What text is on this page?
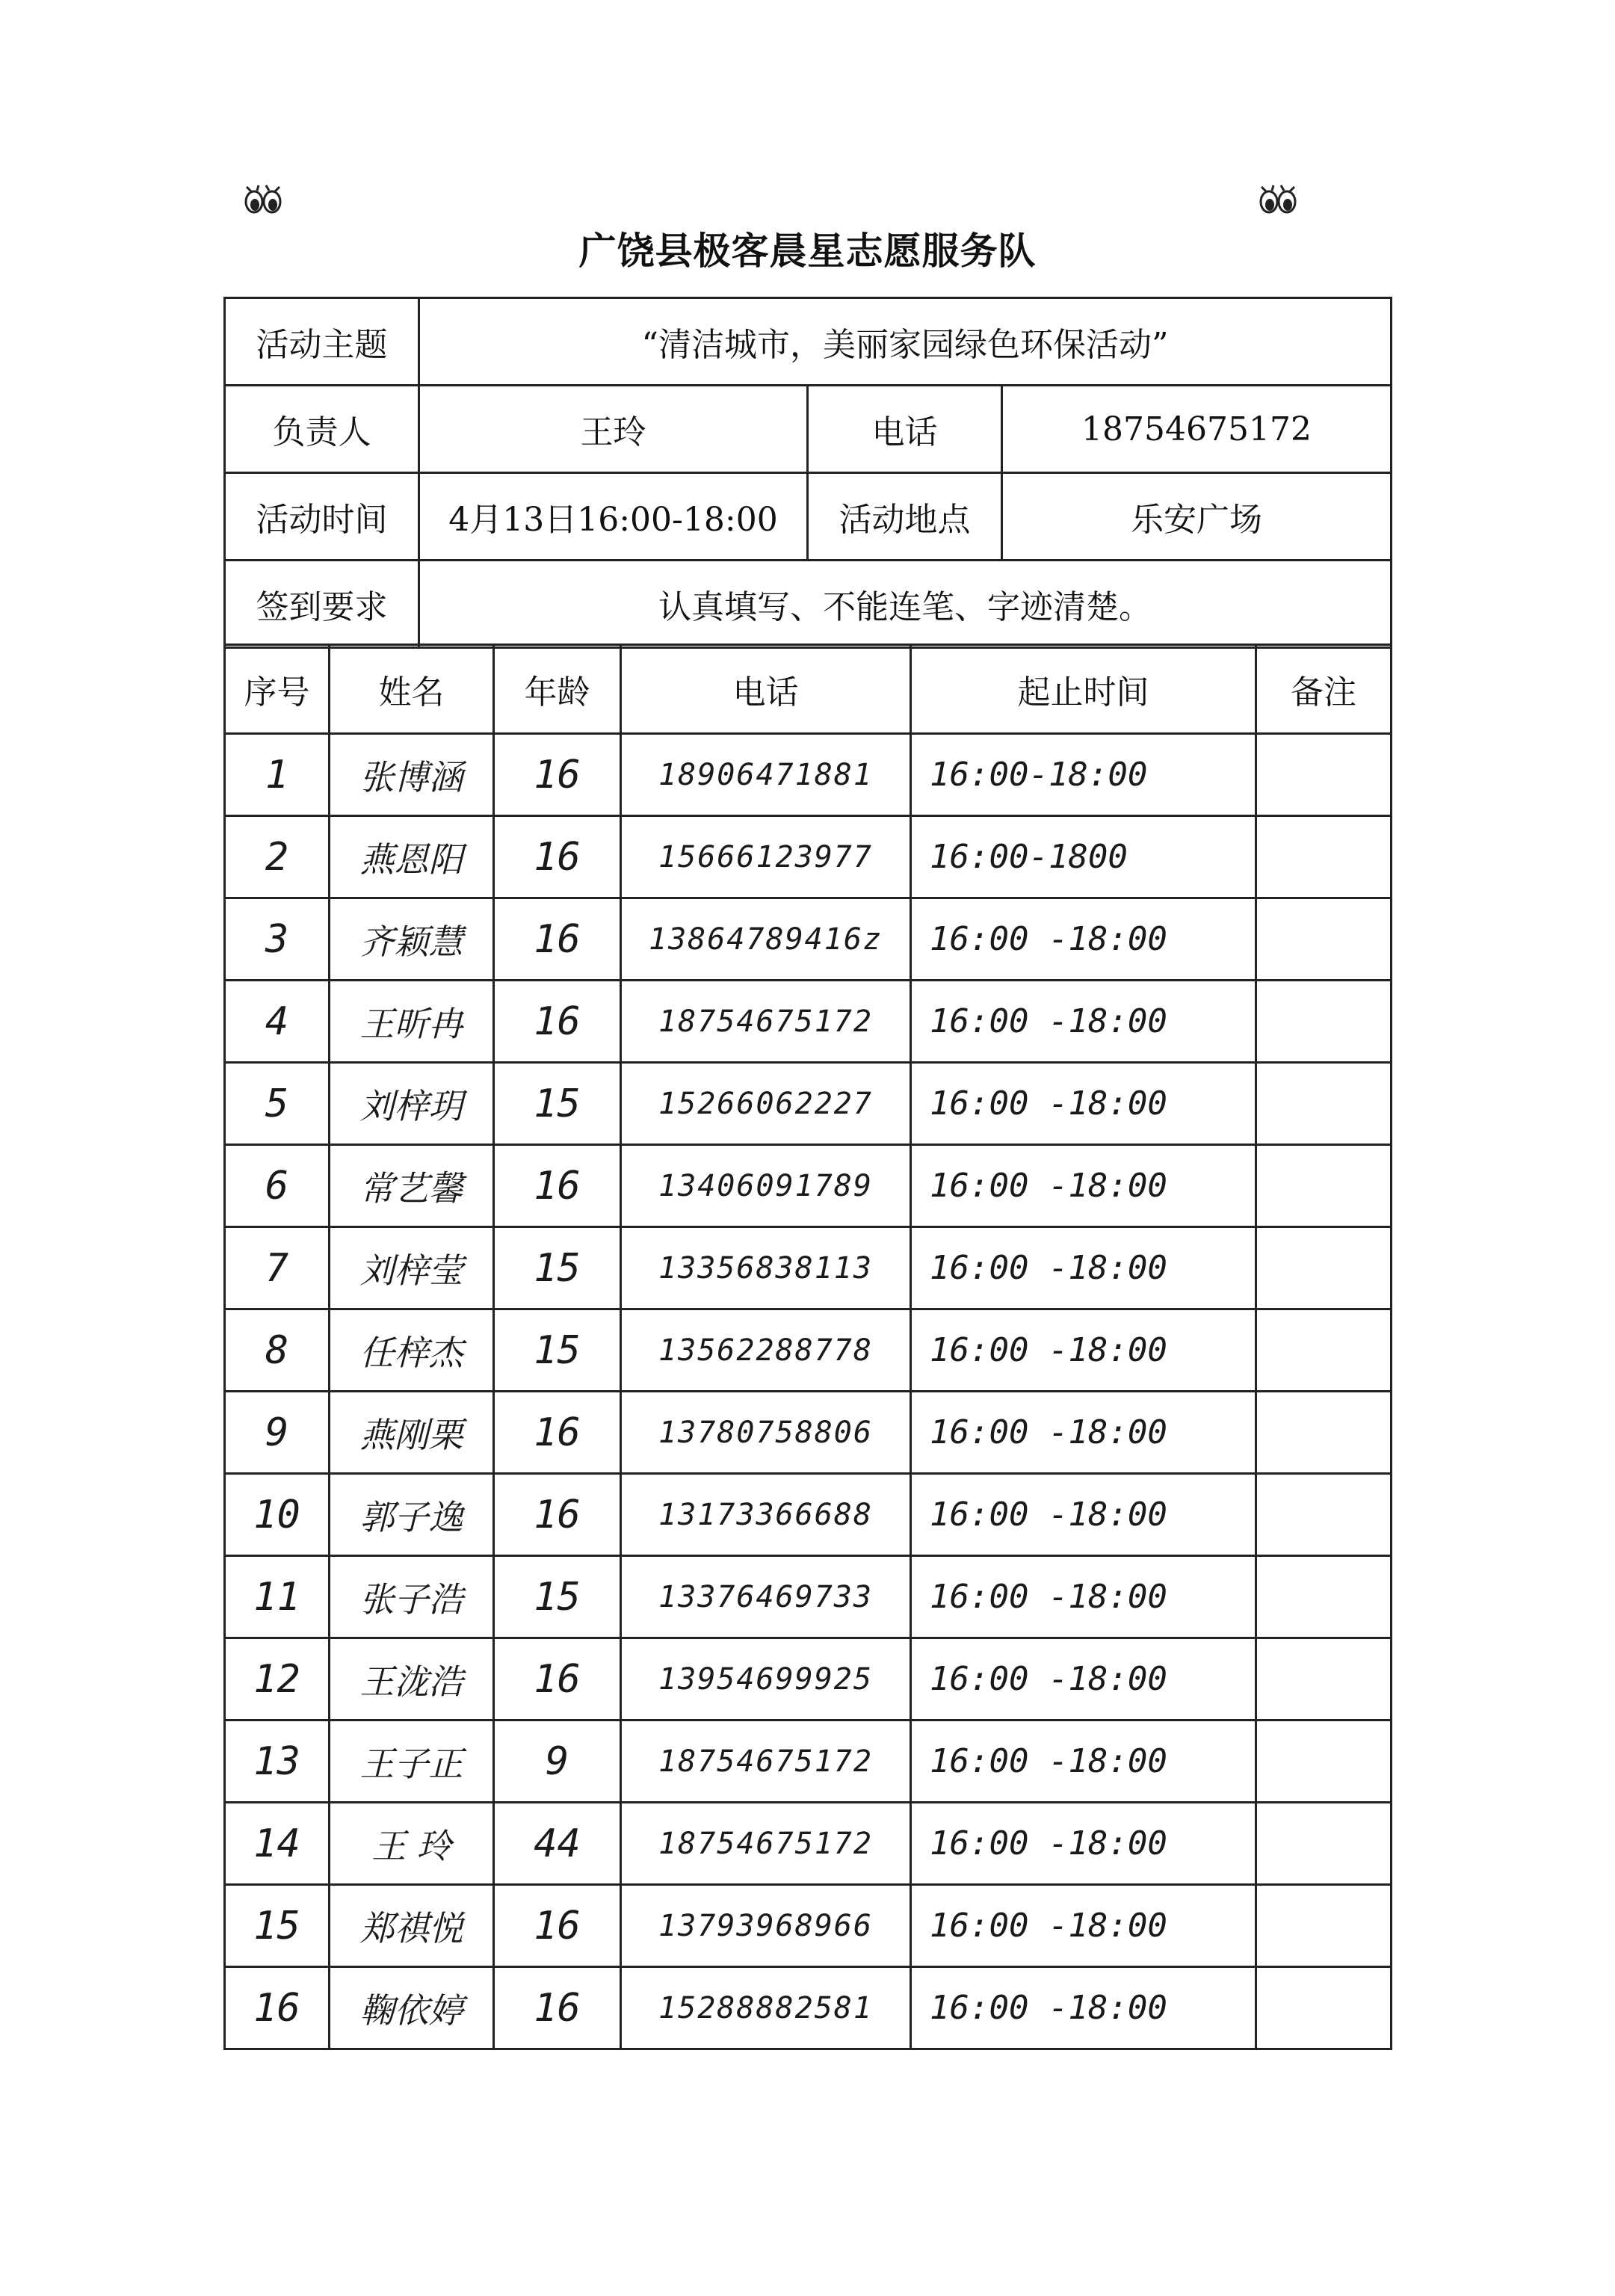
广饶县极客晨星志愿服务队
活动主题	“清洁城市，美丽家园绿色环保活动”		
负责人	王玲	电话	18754675172
活动时间	4月13日16:00-18:00	活动地点	乐安广场
签到要求	认真填写、不能连笔、字迹清楚。		
序号	姓名	年龄	电话	起止时间	备注
1	张博涵	16	18906471881	16:00-18:00	
2	燕恩阳	16	15666123977	16:00-1800	
3	齐颖慧	16	13864789416z	16:00 -18:00	
4	王昕冉	16	18754675172	16:00 -18:00	
5	刘梓玥	15	15266062227	16:00 -18:00	
6	常艺馨	16	13406091789	16:00 -18:00	
7	刘梓莹	15	13356838113	16:00 -18:00	
8	任梓杰	15	13562288778	16:00 -18:00	
9	燕刚栗	16	13780758806	16:00 -18:00	
10	郭子逸	16	13173366688	16:00 -18:00	
11	张子浩	15	13376469733	16:00 -18:00	
12	王泷浩	16	13954699925	16:00 -18:00	
13	王子正	9	18754675172	16:00 -18:00	
14	王 玲	44	18754675172	16:00 -18:00	
15	郑祺悦	16	13793968966	16:00 -18:00	
16	鞠依婷	16	15288882581	16:00 -18:00	
